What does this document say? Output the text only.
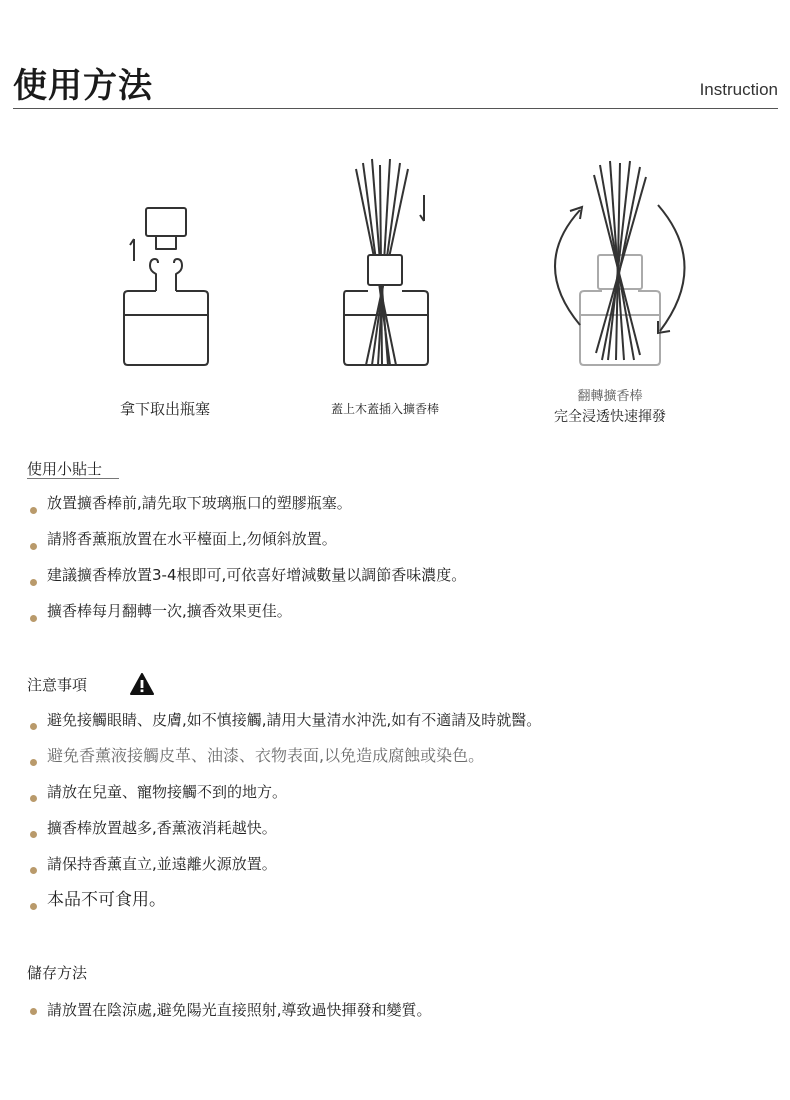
使用方法	Instruction
拿下取出瓶塞	蓋上木蓋插入擴香棒
翻轉擴香棒
完全浸透快速揮發
使用小貼士
放置擴香棒前,請先取下玻璃瓶口的塑膠瓶塞。
請將香薰瓶放置在水平檯面上,勿傾斜放置。
建議擴香棒放置3-4根即可,可依喜好增減數量以調節香味濃度。
擴香棒每月翻轉一次,擴香效果更佳。
注意事項
避免接觸眼睛、皮膚,如不慎接觸,請用大量清水沖洗,如有不適請及時就醫。
避免香薰液接觸皮革、油漆、衣物表面,以免造成腐蝕或染色。
請放在兒童、寵物接觸不到的地方。
擴香棒放置越多,香薰液消耗越快。
請保持香薰直立,並遠離火源放置。
本品不可食用。
儲存方法
請放置在陰涼處,避免陽光直接照射,導致過快揮發和變質。
